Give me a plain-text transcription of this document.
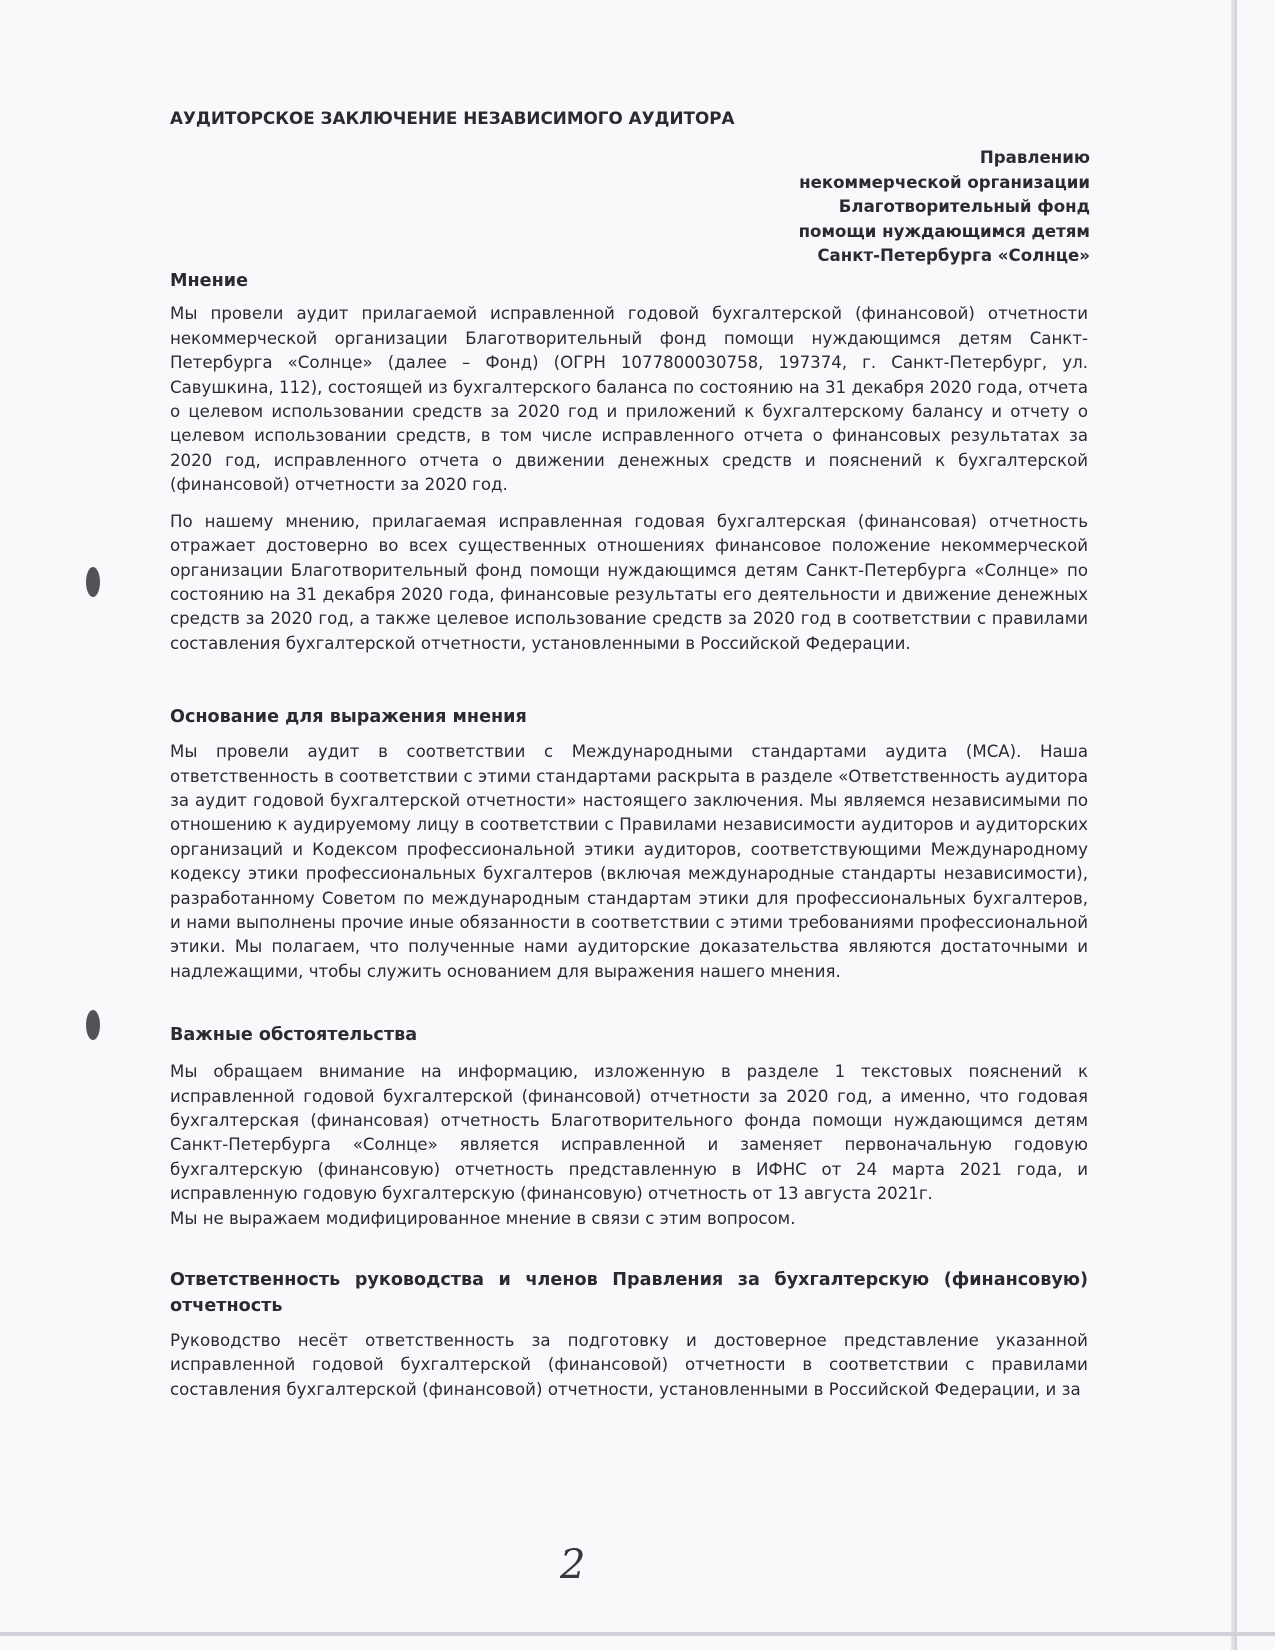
АУДИТОРСКОЕ ЗАКЛЮЧЕНИЕ НЕЗАВИСИМОГО АУДИТОРА
Правлению
некоммерческой организации
Благотворительный фонд
помощи нуждающимся детям
Санкт-Петербурга «Солнце»
Мнение

Мы провели аудит прилагаемой исправленной годовой бухгалтерской (финансовой) отчетности некоммерческой организации Благотворительный фонд помощи нуждающимся детям Санкт-Петербурга «Солнце» (далее – Фонд) (ОГРН 1077800030758, 197374, г. Санкт-Петербург, ул. Савушкина, 112), состоящей из бухгалтерского баланса по состоянию на 31 декабря 2020 года, отчета о целевом использовании средств за 2020 год и приложений к бухгалтерскому балансу и отчету о целевом использовании средств, в том числе исправленного отчета о финансовых результатах за 2020 год, исправленного отчета о движении денежных средств и пояснений к бухгалтерской (финансовой) отчетности за 2020 год.

По нашему мнению, прилагаемая исправленная годовая бухгалтерская (финансовая) отчетность отражает достоверно во всех существенных отношениях финансовое положение некоммерческой организации Благотворительный фонд помощи нуждающимся детям Санкт-Петербурга «Солнце» по состоянию на 31 декабря 2020 года, финансовые результаты его деятельности и движение денежных средств за 2020 год, а также целевое использование средств за 2020 год в соответствии с правилами составления бухгалтерской отчетности, установленными в Российской Федерации.

Основание для выражения мнения

Мы провели аудит в соответствии с Международными стандартами аудита (МСА). Наша ответственность в соответствии с этими стандартами раскрыта в разделе «Ответственность аудитора за аудит годовой бухгалтерской отчетности» настоящего заключения. Мы являемся независимыми по отношению к аудируемому лицу в соответствии с Правилами независимости аудиторов и аудиторских организаций и Кодексом профессиональной этики аудиторов, соответствующими Международному кодексу этики профессиональных бухгалтеров (включая международные стандарты независимости), разработанному Советом по международным стандартам этики для профессиональных бухгалтеров, и нами выполнены прочие иные обязанности в соответствии с этими требованиями профессиональной этики. Мы полагаем, что полученные нами аудиторские доказательства являются достаточными и надлежащими, чтобы служить основанием для выражения нашего мнения.

Важные обстоятельства

Мы обращаем внимание на информацию, изложенную в разделе 1 текстовых пояснений к исправленной годовой бухгалтерской (финансовой) отчетности за 2020 год, а именно, что годовая бухгалтерская (финансовая) отчетность Благотворительного фонда помощи нуждающимся детям Санкт-Петербурга «Солнце» является исправленной и заменяет первоначальную годовую бухгалтерскую (финансовую) отчетность представленную в ИФНС от 24 марта 2021 года, и исправленную годовую бухгалтерскую (финансовую) отчетность от 13 августа 2021г.

Мы не выражаем модифицированное мнение в связи с этим вопросом.

Ответственность руководства и членов Правления за бухгалтерскую (финансовую) отчетность

Руководство несёт ответственность за подготовку и достоверное представление указанной исправленной годовой бухгалтерской (финансовой) отчетности в соответствии с правилами составления бухгалтерской (финансовой) отчетности, установленными в Российской Федерации, и за

2
